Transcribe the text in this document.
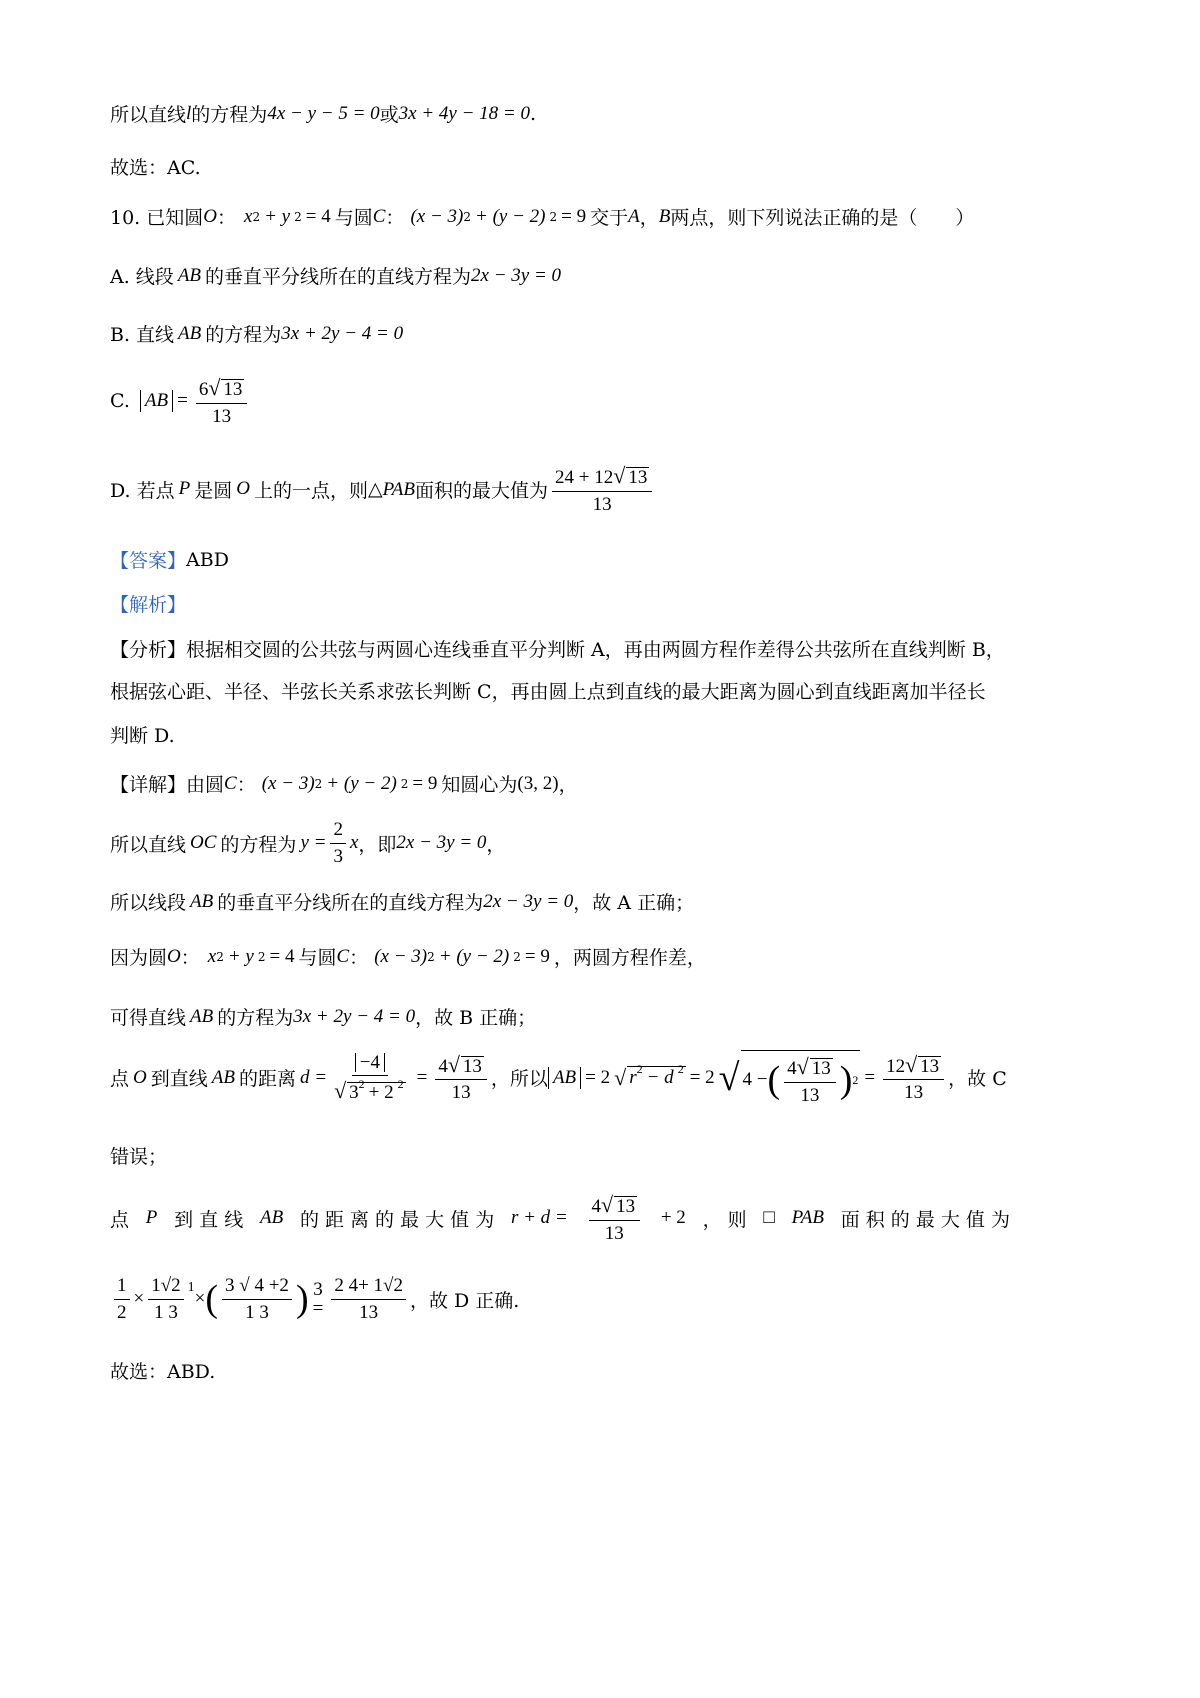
所以直线 l 的方程为 4x − y − 5 = 0 或 3x + 4y − 18 = 0 .
故选：AC.
10. 已知圆 O ： x 2 + y 2 = 4 与圆 C ： (x − 3) 2 + (y − 2) 2 = 9 交于 A ， B 两点，则下列说法正确的是（　　）
A. 线段 AB 的垂直平分线所在的直线方程为 2x − 3y = 0
B. 直线 AB 的方程为 3x + 2y − 4 = 0
C. AB = $\frac{6√ 13}{13}$
D. 若点 P 是圆 O 上的一点，则 △PAB 面积的最大值为 $\frac{24 + 12√ 13}{13}$
【答案】 ABD
【解析】
【分析】 根据相交圆的公共弦与两圆心连线垂直平分判断 A，再由两圆方程作差得公共弦所在直线判断 B，
根据弦心距、半径、半弦长关系求弦长判断 C，再由圆上点到直线的最大距离为圆心到直线距离加半径长
判断 D.
【详解】 由圆 C ： (x − 3) 2 + (y − 2) 2 = 9 知圆心为 (3, 2) ，
所以直线 OC 的方程为 $y = \frac{2}{3}$ x ，即 2x − 3y = 0 ，
所以线段 AB 的垂直平分线所在的直线方程为 2x − 3y = 0 ，故 A 正确；
因为圆 O ： x 2 + y 2 = 4 与圆 C ： (x − 3) 2 + (y − 2) 2 = 9 ，两圆方程作差，
可得直线 AB 的方程为 3x + 2y − 4 = 0 ，故 B 正确；
点 O 到直线 AB 的距离 $d = \frac{-4}{√ 3^2 + 2 ^2} = \frac{4√ 13}{13}$ ，所以 AB = 2 √ $r^2 - d$ $^2$ = 2 √ 4 − ( $\frac{4√ 13}{13}$ ) $2 = \frac{12√ 13}{13}$ ，故 C
错误；
点 P 到 直 线 AB 的 距 离 的 最 大 值 为 $r + d = \frac{4√ 13}{13} + 2$ ， 则 □ PAB 面 积 的 最 大 值 为
$\frac{1}{2} \times \frac{1√2}{1 3} 1$
× ( $\frac{3 √ 4 +2}{1 3}$ ) 3
= $\frac{2 4+ 1√2}{13}$ ，故 D 正确.
故选：ABD.
